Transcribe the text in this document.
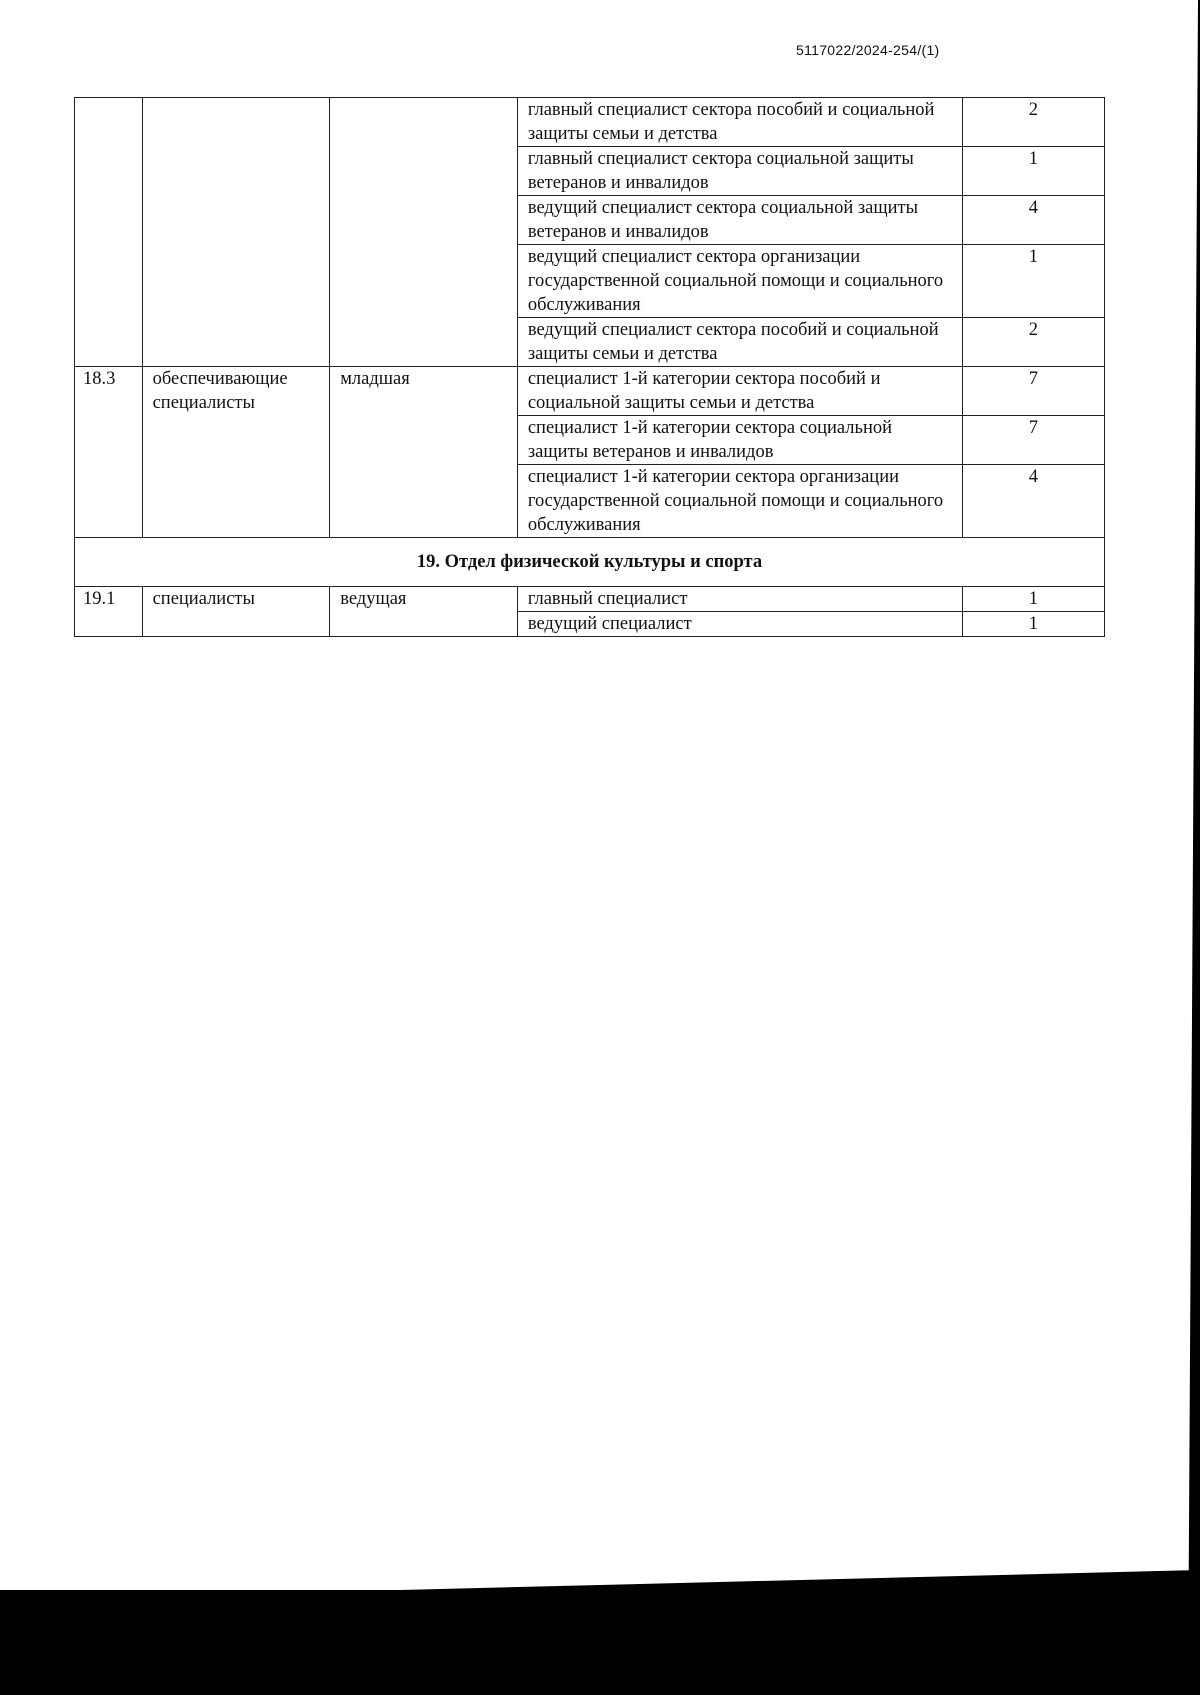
5117022/2024-254/(1)
			главный специалист сектора пособий и социальной защиты семьи и детства	2
			главный специалист сектора социальной защиты ветеранов и инвалидов	1
			ведущий специалист сектора социальной защиты ветеранов и инвалидов	4
			ведущий специалист сектора организации государственной социальной помощи и социального обслуживания	1
			ведущий специалист сектора пособий и социальной защиты семьи и детства	2
18.3	обеспечивающие специалисты	младшая	специалист 1-й категории сектора пособий и социальной защиты семьи и детства	7
			специалист 1-й категории сектора социальной защиты ветеранов и инвалидов	7
			специалист 1-й категории сектора организации государственной социальной помощи и социального обслуживания	4
19. Отдел физической культуры и спорта				
19.1	специалисты	ведущая	главный специалист	1
			ведущий специалист	1
